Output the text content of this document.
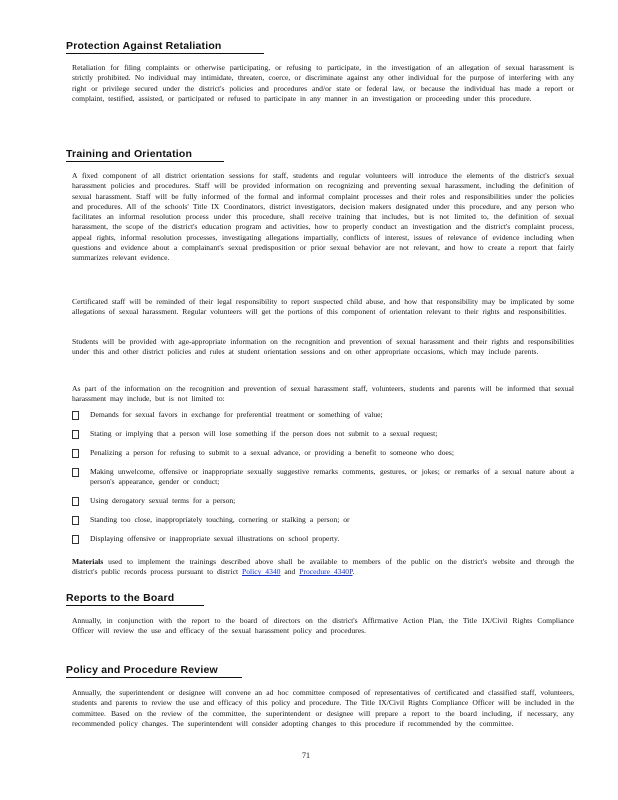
Protection Against Retaliation
Retaliation for filing complaints or otherwise participating, or refusing to participate, in the investigation of an allegation of sexual harassment is strictly prohibited. No individual may intimidate, threaten, coerce, or discriminate against any other individual for the purpose of interfering with any right or privilege secured under the district's policies and procedures and/or state or federal law, or because the individual has made a report or complaint, testified, assisted, or participated or refused to participate in any manner in an investigation or proceeding under this procedure.
Training and Orientation
A fixed component of all district orientation sessions for staff, students and regular volunteers will introduce the elements of the district's sexual harassment policies and procedures. Staff will be provided information on recognizing and preventing sexual harassment, including the definition of sexual harassment. Staff will be fully informed of the formal and informal complaint processes and their roles and responsibilities under the policies and procedures. All of the schools' Title IX Coordinators, district investigators, decision makers designated under this procedure, and any person who facilitates an informal resolution process under this procedure, shall receive training that includes, but is not limited to, the definition of sexual harassment, the scope of the district's education program and activities, how to properly conduct an investigation and the district's complaint process, appeal rights, informal resolution processes, investigating allegations impartially, conflicts of interest, issues of relevance of evidence including when questions and evidence about a complainant's sexual predisposition or prior sexual behavior are not relevant, and how to create a report that fairly summarizes relevant evidence.
Certificated staff will be reminded of their legal responsibility to report suspected child abuse, and how that responsibility may be implicated by some allegations of sexual harassment. Regular volunteers will get the portions of this component of orientation relevant to their rights and responsibilities.
Students will be provided with age-appropriate information on the recognition and prevention of sexual harassment and their rights and responsibilities under this and other district policies and rules at student orientation sessions and on other appropriate occasions, which may include parents.
As part of the information on the recognition and prevention of sexual harassment staff, volunteers, students and parents will be informed that sexual harassment may include, but is not limited to:
Demands for sexual favors in exchange for preferential treatment or something of value;
Stating or implying that a person will lose something if the person does not submit to a sexual request;
Penalizing a person for refusing to submit to a sexual advance, or providing a benefit to someone who does;
Making unwelcome, offensive or inappropriate sexually suggestive remarks comments, gestures, or jokes; or remarks of a sexual nature about a person's appearance, gender or conduct;
Using derogatory sexual terms for a person;
Standing too close, inappropriately touching, cornering or stalking a person; or
Displaying offensive or inappropriate sexual illustrations on school property.
Materials used to implement the trainings described above shall be available to members of the public on the district's website and through the district's public records process pursuant to district Policy 4340 and Procedure 4340P.
Reports to the Board
Annually, in conjunction with the report to the board of directors on the district's Affirmative Action Plan, the Title IX/Civil Rights Compliance Officer will review the use and efficacy of the sexual harassment policy and procedures.
Policy and Procedure Review
Annually, the superintendent or designee will convene an ad hoc committee composed of representatives of certificated and classified staff, volunteers, students and parents to review the use and efficacy of this policy and procedure. The Title IX/Civil Rights Compliance Officer will be included in the committee. Based on the review of the committee, the superintendent or designee will prepare a report to the board including, if necessary, any recommended policy changes. The superintendent will consider adopting changes to this procedure if recommended by the committee.
71
